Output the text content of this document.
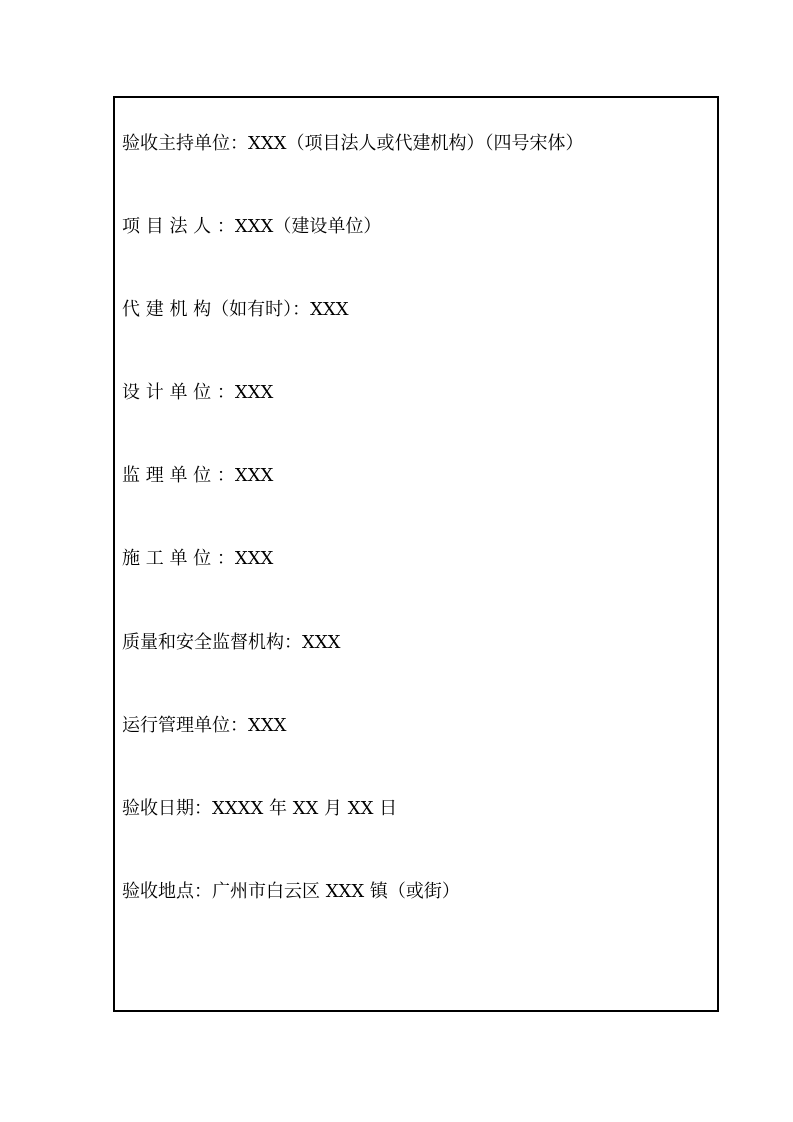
验收主持单位：XXX（项目法人或代建机构）（四号宋体）
项 目 法 人 ：XXX（建设单位）
代 建 机 构（如有时）：XXX
设 计 单 位 ：XXX
监 理 单 位 ：XXX
施 工 单 位 ：XXX
质量和安全监督机构：XXX
运行管理单位：XXX
验收日期：XXXX 年 XX 月 XX 日
验收地点：广州市白云区 XXX 镇（或街）
